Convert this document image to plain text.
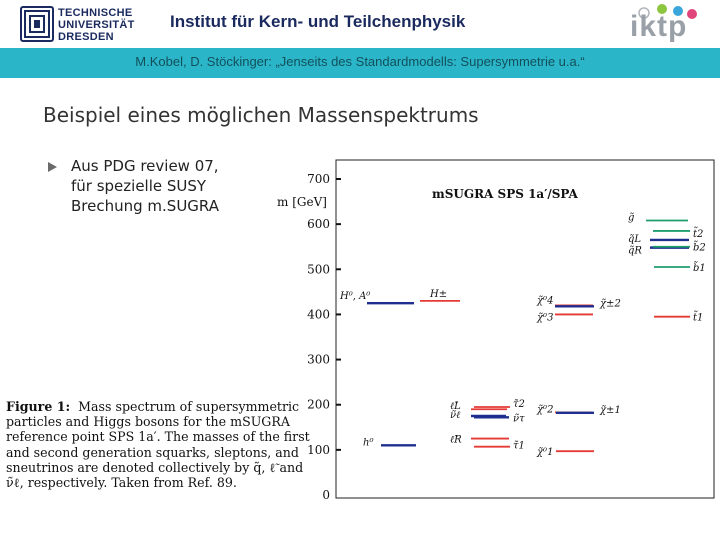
TECHNISCHE
UNIVERSITÄT
DRESDEN
Institut für Kern- und Teilchenphysik	iktp
M.Kobel, D. Stöckinger: „Jenseits des Standardmodells: Supersymmetrie u.a.“
Beispiel eines möglichen Massenspektrums
Aus PDG review 07,
für spezielle SUSY
Brechung m.SUGRA
Figure 1: Mass spectrum of supersymmetric
particles and Higgs bosons for the mSUGRA
reference point SPS 1a′. The masses of the first
and second generation squarks, sleptons, and
sneutrinos are denoted collectively by q̃, ℓ̃ and
ν̃ℓ, respectively. Taken from Ref. 89.
mSUGRA SPS 1a′/SPA
m [GeV]
0
100
200
300
400
500
600
700
h⁰
H⁰, A⁰	H±
ℓ̃L
ν̃ℓ
ℓ̃R
τ̃2
ν̃τ
τ̃1
χ̃⁰4
χ̃⁰3
χ̃±2
χ̃⁰2	χ̃±1
χ̃⁰1
g̃
q̃L
q̃R
t̃2
b̃2
b̃1
t̃1
